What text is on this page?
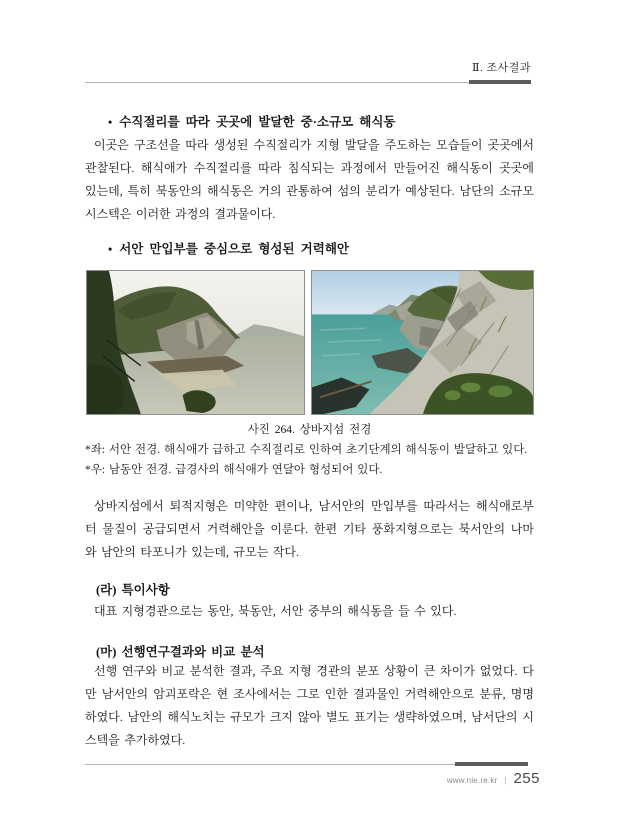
Ⅱ. 조사결과
• 수직절리를 따라 곳곳에 발달한 중·소규모 해식동
이곳은 구조선을 따라 생성된 수직절리가 지형 발달을 주도하는 모습들이 곳곳에서 관찰된다. 해식애가 수직절리를 따라 침식되는 과정에서 만들어진 해식동이 곳곳에 있는데, 특히 북동안의 해식동은 거의 관통하여 섬의 분리가 예상된다. 남단의 소규모 시스텍은 이러한 과정의 결과물이다.
• 서안 만입부를 중심으로 형성된 거력해안
사진 264. 상바지섬 전경
*좌: 서안 전경. 해식애가 급하고 수직절리로 인하여 초기단계의 해식동이 발달하고 있다.
*우: 남동안 전경. 급경사의 해식애가 연달아 형성되어 있다.
상바지섬에서 퇴적지형은 미약한 편이나, 남서안의 만입부를 따라서는 해식애로부터 물질이 공급되면서 거력해안을 이룬다. 한편 기타 풍화지형으로는 북서안의 나마와 남안의 타포니가 있는데, 규모는 작다.
(라) 특이사항
대표 지형경관으로는 동안, 북동안, 서안 중부의 해식동을 들 수 있다.
(마) 선행연구결과와 비교 분석
선행 연구와 비교 분석한 결과, 주요 지형 경관의 분포 상황이 큰 차이가 없었다. 다만 남서안의 암괴포락은 현 조사에서는 그로 인한 결과물인 거력해안으로 분류, 명명하였다. 남안의 해식노치는 규모가 크지 않아 별도 표기는 생략하였으며, 남서단의 시스텍을 추가하였다.
www.nie.re.kr | 255
